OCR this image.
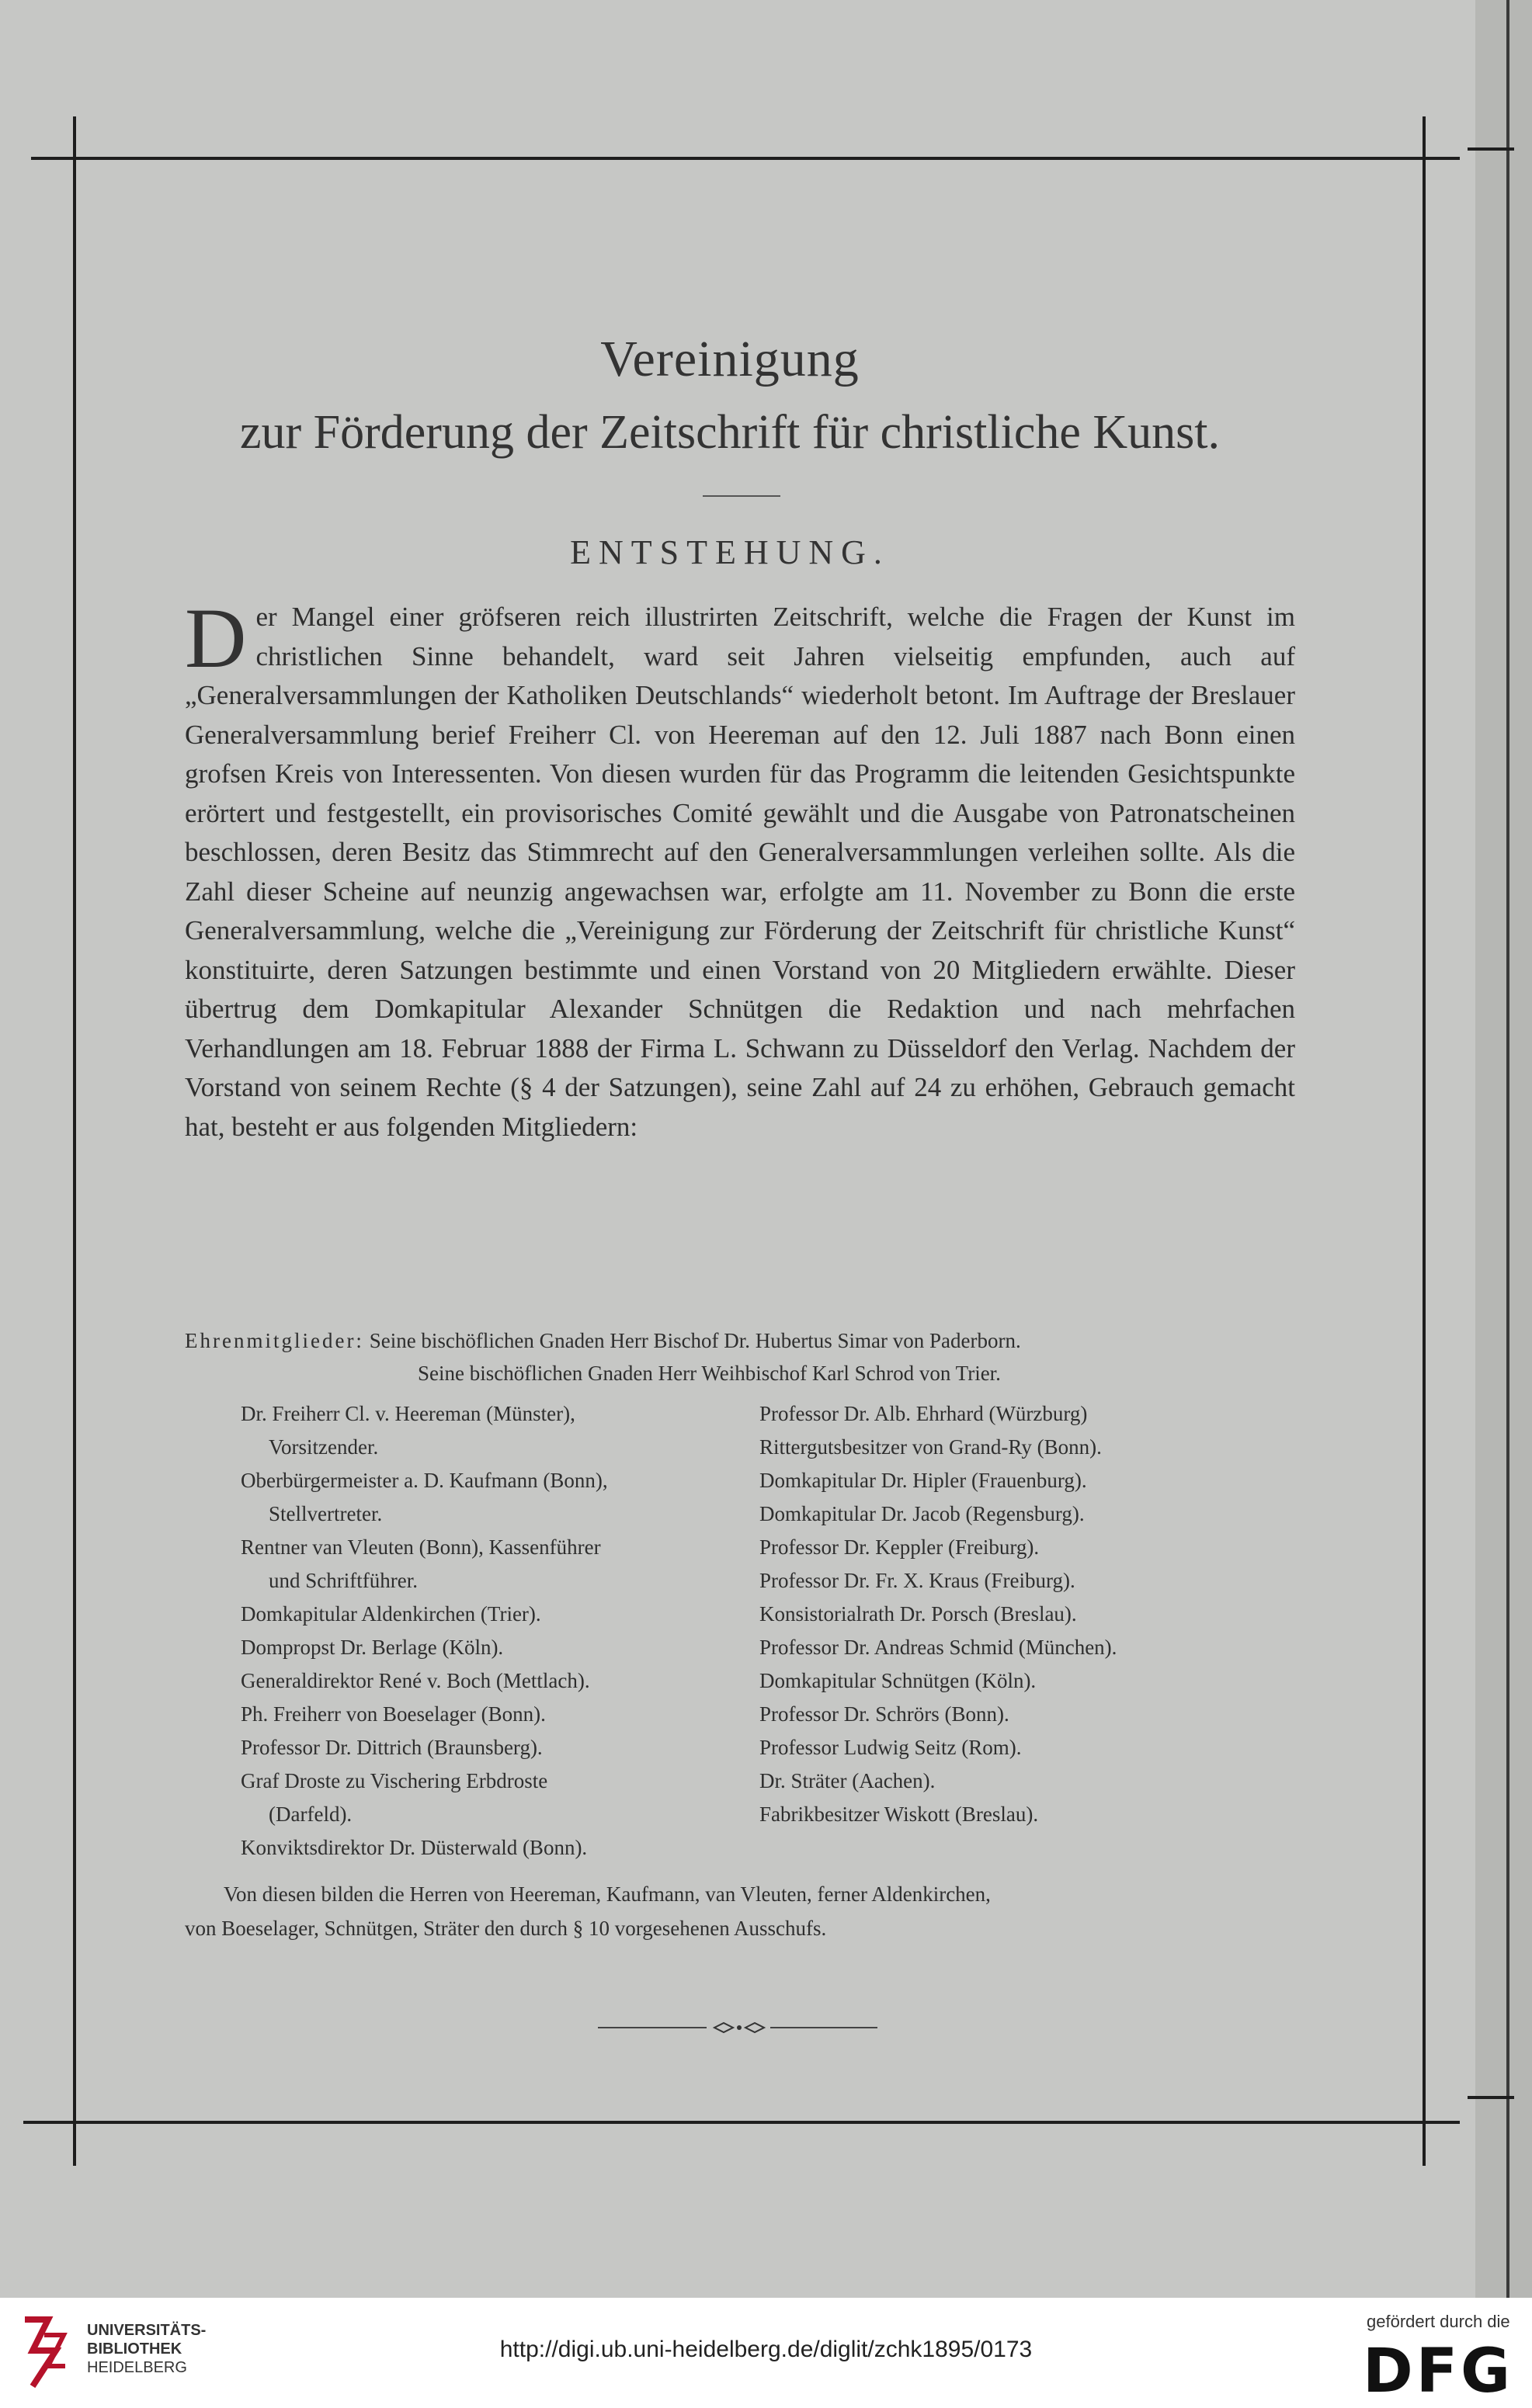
Vereinigung
zur Förderung der Zeitschrift für christliche Kunst.
ENTSTEHUNG.
Der Mangel einer gröfseren reich illustrirten Zeitschrift, welche die Fragen der Kunst im christlichen Sinne behandelt, ward seit Jahren vielseitig empfunden, auch auf „Generalversammlungen der Katholiken Deutschlands“ wiederholt betont. Im Auftrage der Breslauer Generalversammlung berief Freiherr Cl. von Heereman auf den 12. Juli 1887 nach Bonn einen grofsen Kreis von Interessenten. Von diesen wurden für das Programm die leitenden Gesichtspunkte erörtert und festgestellt, ein provisorisches Comité gewählt und die Ausgabe von Patronatscheinen beschlossen, deren Besitz das Stimmrecht auf den Generalversammlungen verleihen sollte. Als die Zahl dieser Scheine auf neunzig angewachsen war, erfolgte am 11. November zu Bonn die erste Generalversammlung, welche die „Vereinigung zur Förderung der Zeitschrift für christliche Kunst“ konstituirte, deren Satzungen bestimmte und einen Vorstand von 20 Mitgliedern erwählte. Dieser übertrug dem Domkapitular Alexander Schnütgen die Redaktion und nach mehrfachen Verhandlungen am 18. Februar 1888 der Firma L. Schwann zu Düsseldorf den Verlag. Nachdem der Vorstand von seinem Rechte (§ 4 der Satzungen), seine Zahl auf 24 zu erhöhen, Gebrauch gemacht hat, besteht er aus folgenden Mitgliedern:
Ehrenmitglieder: Seine bischöflichen Gnaden Herr Bischof Dr. Hubertus Simar von Paderborn.
Seine bischöflichen Gnaden Herr Weihbischof Karl Schrod von Trier.
Dr. Freiherr Cl. v. Heereman (Münster),
Vorsitzender.
Oberbürgermeister a. D. Kaufmann (Bonn),
Stellvertreter.
Rentner van Vleuten (Bonn), Kassenführer
und Schriftführer.
Domkapitular Aldenkirchen (Trier).
Dompropst Dr. Berlage (Köln).
Generaldirektor René v. Boch (Mettlach).
Ph. Freiherr von Boeselager (Bonn).
Professor Dr. Dittrich (Braunsberg).
Graf Droste zu Vischering Erbdroste
(Darfeld).
Konviktsdirektor Dr. Düsterwald (Bonn).
Professor Dr. Alb. Ehrhard (Würzburg)
Rittergutsbesitzer von Grand-Ry (Bonn).
Domkapitular Dr. Hipler (Frauenburg).
Domkapitular Dr. Jacob (Regensburg).
Professor Dr. Keppler (Freiburg).
Professor Dr. Fr. X. Kraus (Freiburg).
Konsistorialrath Dr. Porsch (Breslau).
Professor Dr. Andreas Schmid (München).
Domkapitular Schnütgen (Köln).
Professor Dr. Schrörs (Bonn).
Professor Ludwig Seitz (Rom).
Dr. Sträter (Aachen).
Fabrikbesitzer Wiskott (Breslau).
Von diesen bilden die Herren von Heereman, Kaufmann, van Vleuten, ferner Aldenkirchen,
von Boeselager, Schnütgen, Sträter den durch § 10 vorgesehenen Ausschufs.
UNIVERSITÄTS-
BIBLIOTHEK
HEIDELBERG
http://digi.ub.uni-heidelberg.de/diglit/zchk1895/0173
gefördert durch die
DFG
